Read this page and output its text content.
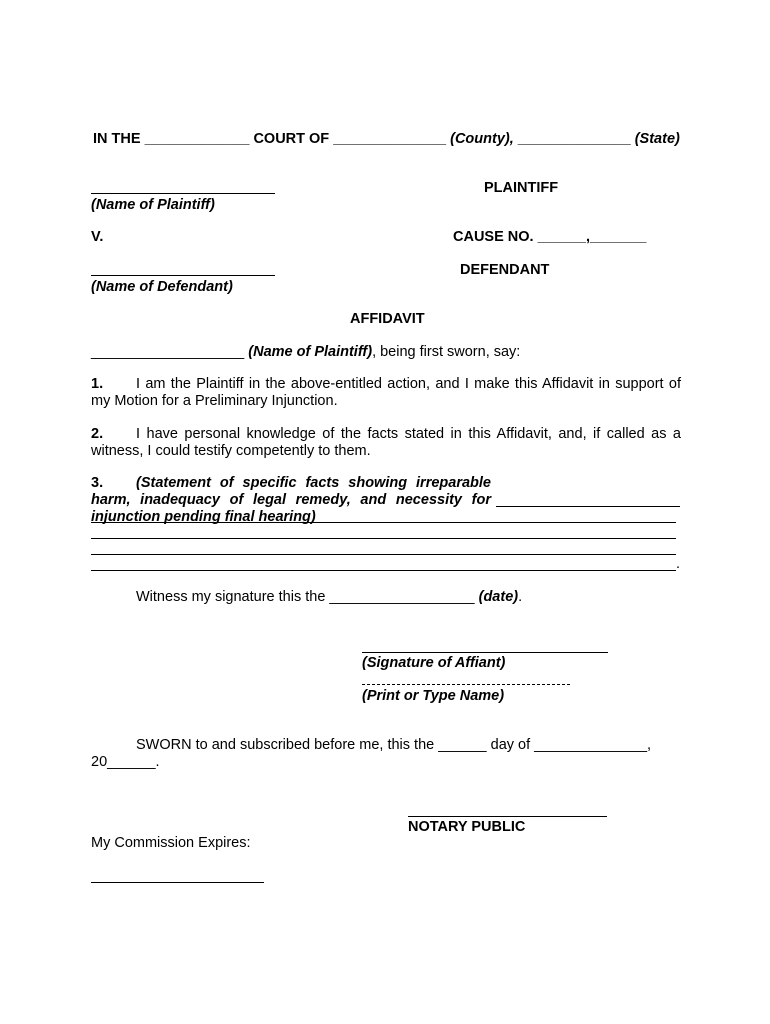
IN THE _____________ COURT OF ______________ (County), ______________ (State)
PLAINTIFF
(Name of Plaintiff)
V.	CAUSE NO. ______,_______
DEFENDANT
(Name of Defendant)
AFFIDAVIT
___________________ (Name of Plaintiff), being first sworn, say:
1. I am the Plaintiff in the above-entitled action, and I make this Affidavit in support of my Motion for a Preliminary Injunction.
2. I have personal knowledge of the facts stated in this Affidavit, and, if called as a witness, I could testify competently to them.
3. (Statement of specific facts showing irreparable harm, inadequacy of legal remedy, and necessity for injunction pending final hearing)
.
Witness my signature this the __________________ (date).
(Signature of Affiant)
(Print or Type Name)
SWORN to and subscribed before me, this the ______ day of ______________,
20______.
NOTARY PUBLIC
My Commission Expires:
